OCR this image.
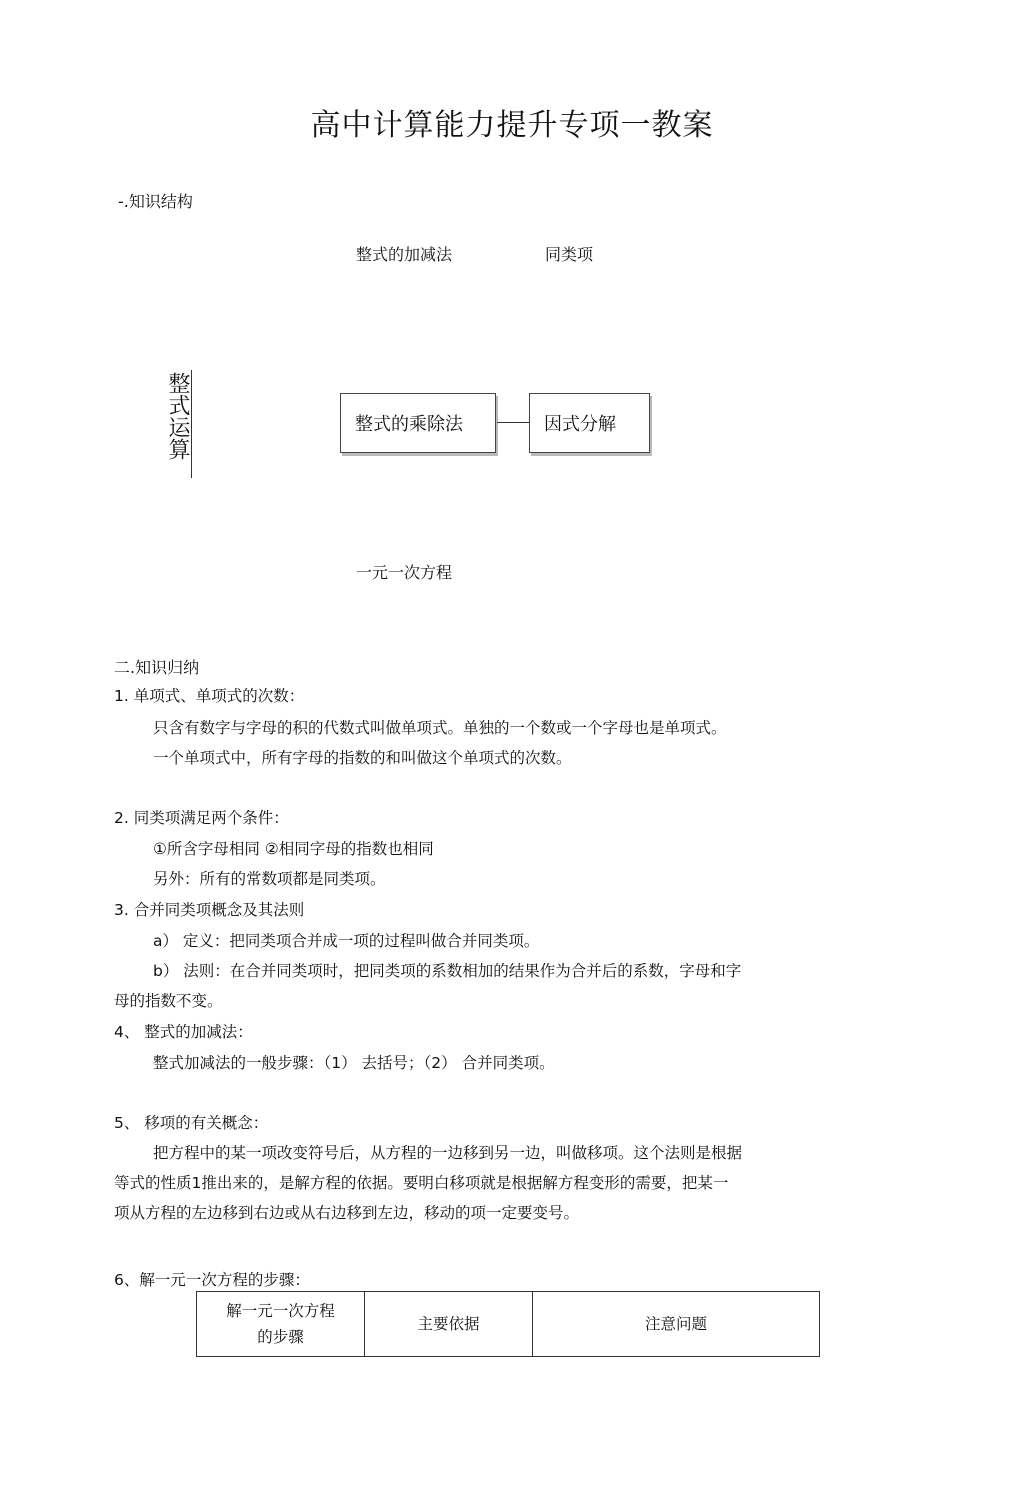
高中计算能力提升专项一教案
-.知识结构
整式的加减法	同类项
整式运算	整式的乘除法	因式分解
一元一次方程
二.知识归纳
1. 单项式、单项式的次数：
只含有数字与字母的积的代数式叫做单项式。单独的一个数或一个字母也是单项式。
一个单项式中，所有字母的指数的和叫做这个单项式的次数。
2. 同类项满足两个条件：
①所含字母相同 ②相同字母的指数也相同
另外：所有的常数项都是同类项。
3. 合并同类项概念及其法则
a） 定义：把同类项合并成一项的过程叫做合并同类项。
b） 法则：在合并同类项时，把同类项的系数相加的结果作为合并后的系数，字母和字
母的指数不变。
4、 整式的加减法：
整式加减法的一般步骤：（1） 去括号；（2） 合并同类项。
5、 移项的有关概念：
把方程中的某一项改变符号后，从方程的一边移到另一边，叫做移项。这个法则是根据
等式的性质1推出来的，是解方程的依据。要明白移项就是根据解方程变形的需要，把某一
项从方程的左边移到右边或从右边移到左边，移动的项一定要变号。
6、解一元一次方程的步骤：
解一元一次方程
的步骤
	主要依据	注意问题
